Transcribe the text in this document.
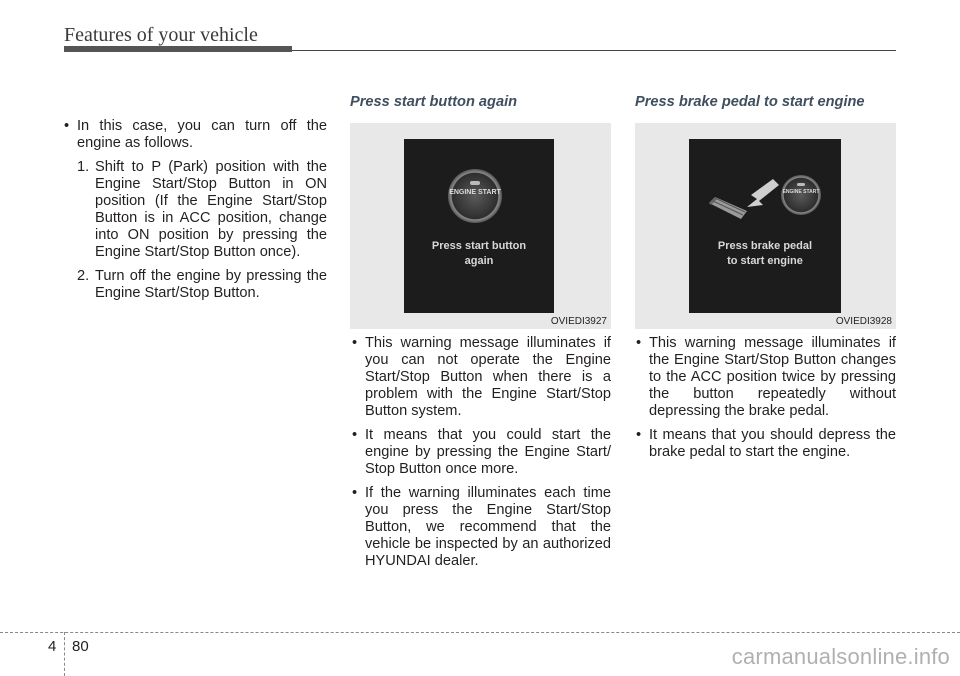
Features of your vehicle

• In this case, you can turn off the engine as follows.

1. Shift to P (Park) position with the Engine Start/Stop Button in ON position (If the Engine Start/Stop Button is in ACC position, change into ON position by pressing the Engine Start/Stop Button once).

2. Turn off the engine by pressing the Engine Start/Stop Button.

Press start button again
ENGINE START
Press start button
again
OVIEDI3927

• This warning message illuminates if you can not operate the Engine Start/Stop Button when there is a problem with the Engine Start/Stop Button system.

• It means that you could start the engine by pressing the Engine Start/ Stop Button once more.

• If the warning illuminates each time you press the Engine Start/Stop Button, we recommend that the vehicle be inspected by an authorized HYUNDAI dealer.

Press brake pedal to start engine
ENGINE START
Press brake pedal
to start engine
OVIEDI3928

• This warning message illuminates if the Engine Start/Stop Button changes to the ACC position twice by pressing the button repeatedly without depressing the brake pedal.

• It means that you should depress the brake pedal to start the engine.

4 80	carmanualsonline.info
